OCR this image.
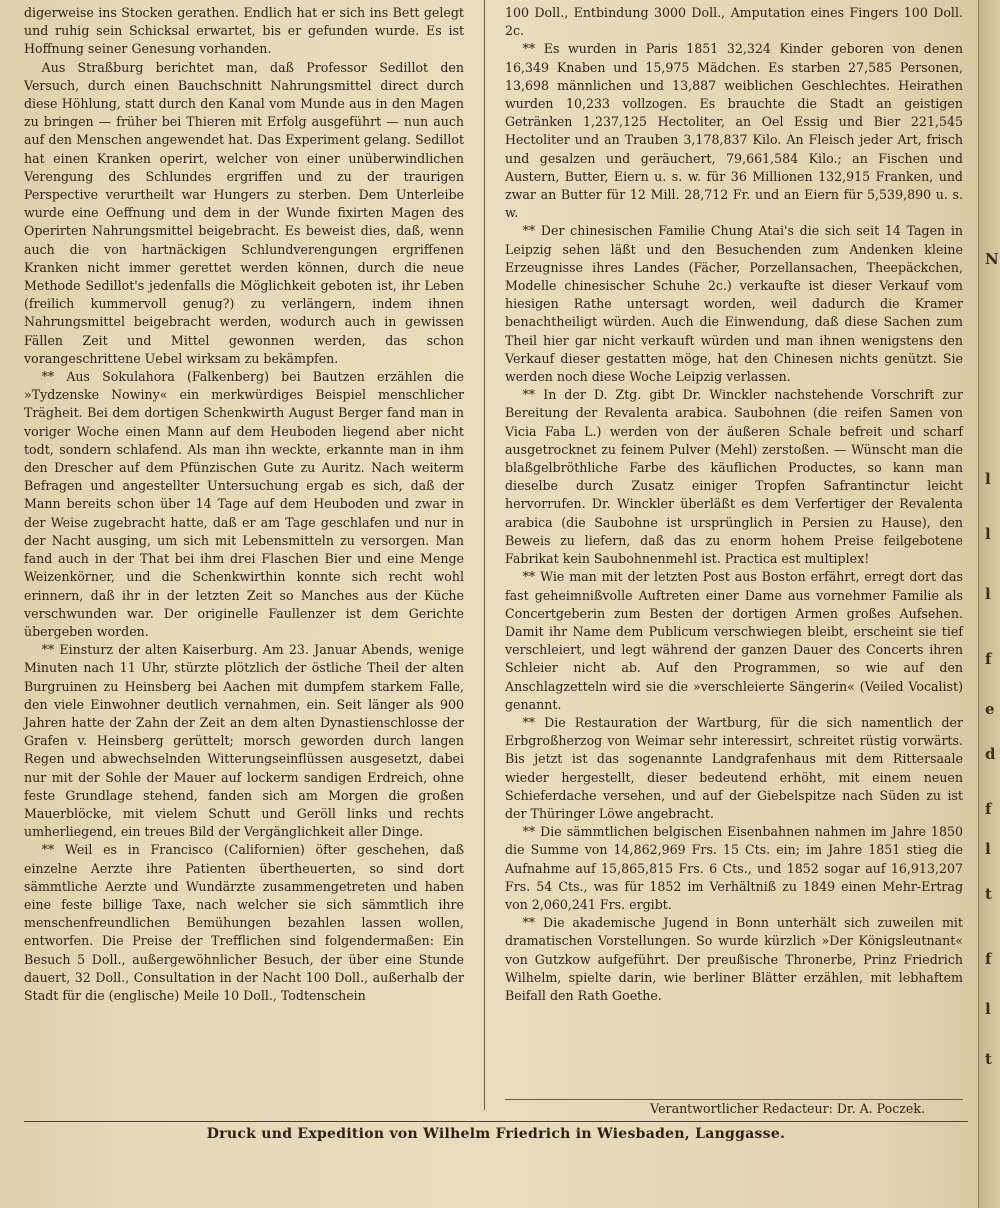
digerweise ins Stocken gerathen. Endlich hat er sich ins Bett gelegt und ruhig sein Schicksal erwartet, bis er gefunden wurde. Es ist Hoffnung seiner Genesung vorhanden.

Aus Straßburg berichtet man, daß Professor Sedillot den Versuch, durch einen Bauchschnitt Nahrungsmittel direct durch diese Höhlung, statt durch den Kanal vom Munde aus in den Magen zu bringen — früher bei Thieren mit Erfolg ausgeführt — nun auch auf den Menschen angewendet hat. Das Experiment gelang. Sedillot hat einen Kranken operirt, welcher von einer unüberwindlichen Verengung des Schlundes ergriffen und zu der traurigen Perspective verurtheilt war Hungers zu sterben. Dem Unterleibe wurde eine Oeffnung und dem in der Wunde fixirten Magen des Operirten Nahrungsmittel beigebracht. Es beweist dies, daß, wenn auch die von hartnäckigen Schlundverengungen ergriffenen Kranken nicht immer gerettet werden können, durch die neue Methode Sedillot's jedenfalls die Möglichkeit geboten ist, ihr Leben (freilich kummervoll genug?) zu verlängern, indem ihnen Nahrungsmittel beigebracht werden, wodurch auch in gewissen Fällen Zeit und Mittel gewonnen werden, das schon vorangeschrittene Uebel wirksam zu bekämpfen.

** Aus Sokulahora (Falkenberg) bei Bautzen erzählen die »Tydzenske Nowiny« ein merkwürdiges Beispiel menschlicher Trägheit. Bei dem dortigen Schenkwirth August Berger fand man in voriger Woche einen Mann auf dem Heuboden liegend aber nicht todt, sondern schlafend. Als man ihn weckte, erkannte man in ihm den Drescher auf dem Pfünzischen Gute zu Auritz. Nach weiterm Befragen und angestellter Untersuchung ergab es sich, daß der Mann bereits schon über 14 Tage auf dem Heuboden und zwar in der Weise zugebracht hatte, daß er am Tage geschlafen und nur in der Nacht ausging, um sich mit Lebensmitteln zu versorgen. Man fand auch in der That bei ihm drei Flaschen Bier und eine Menge Weizenkörner, und die Schenkwirthin konnte sich recht wohl erinnern, daß ihr in der letzten Zeit so Manches aus der Küche verschwunden war. Der originelle Faullenzer ist dem Gerichte übergeben worden.

** Einsturz der alten Kaiserburg. Am 23. Januar Abends, wenige Minuten nach 11 Uhr, stürzte plötzlich der östliche Theil der alten Burgruinen zu Heinsberg bei Aachen mit dumpfem starkem Falle, den viele Einwohner deutlich vernahmen, ein. Seit länger als 900 Jahren hatte der Zahn der Zeit an dem alten Dynastienschlosse der Grafen v. Heinsberg gerüttelt; morsch geworden durch langen Regen und abwechselnden Witterungseinflüssen ausgesetzt, dabei nur mit der Sohle der Mauer auf lockerm sandigen Erdreich, ohne feste Grundlage stehend, fanden sich am Morgen die großen Mauerblöcke, mit vielem Schutt und Geröll links und rechts umherliegend, ein treues Bild der Vergänglichkeit aller Dinge.

** Weil es in Francisco (Californien) öfter geschehen, daß einzelne Aerzte ihre Patienten übertheuerten, so sind dort sämmtliche Aerzte und Wundärzte zusammengetreten und haben eine feste billige Taxe, nach welcher sie sich sämmtlich ihre menschenfreundlichen Bemühungen bezahlen lassen wollen, entworfen. Die Preise der Trefflichen sind folgendermaßen: Ein Besuch 5 Doll., außergewöhnlicher Besuch, der über eine Stunde dauert, 32 Doll., Consultation in der Nacht 100 Doll., außerhalb der Stadt für die (englische) Meile 10 Doll., Todtenschein

100 Doll., Entbindung 3000 Doll., Amputation eines Fingers 100 Doll. 2c.

** Es wurden in Paris 1851 32,324 Kinder geboren von denen 16,349 Knaben und 15,975 Mädchen. Es starben 27,585 Personen, 13,698 männlichen und 13,887 weiblichen Geschlechtes. Heirathen wurden 10,233 vollzogen. Es brauchte die Stadt an geistigen Getränken 1,237,125 Hectoliter, an Oel Essig und Bier 221,545 Hectoliter und an Trauben 3,178,837 Kilo. An Fleisch jeder Art, frisch und gesalzen und geräuchert, 79,661,584 Kilo.; an Fischen und Austern, Butter, Eiern u. s. w. für 36 Millionen 132,915 Franken, und zwar an Butter für 12 Mill. 28,712 Fr. und an Eiern für 5,539,890 u. s. w.

** Der chinesischen Familie Chung Atai's die sich seit 14 Tagen in Leipzig sehen läßt und den Besuchenden zum Andenken kleine Erzeugnisse ihres Landes (Fächer, Porzellansachen, Theepäckchen, Modelle chinesischer Schuhe 2c.) verkaufte ist dieser Verkauf vom hiesigen Rathe untersagt worden, weil dadurch die Kramer benachtheiligt würden. Auch die Einwendung, daß diese Sachen zum Theil hier gar nicht verkauft würden und man ihnen wenigstens den Verkauf dieser gestatten möge, hat den Chinesen nichts genützt. Sie werden noch diese Woche Leipzig verlassen.

** In der D. Ztg. gibt Dr. Winckler nachstehende Vorschrift zur Bereitung der Revalenta arabica. Saubohnen (die reifen Samen von Vicia Faba L.) werden von der äußeren Schale befreit und scharf ausgetrocknet zu feinem Pulver (Mehl) zerstoßen. — Wünscht man die blaßgelbröthliche Farbe des käuflichen Productes, so kann man dieselbe durch Zusatz einiger Tropfen Safrantinctur leicht hervorrufen. Dr. Winckler überläßt es dem Verfertiger der Revalenta arabica (die Saubohne ist ursprünglich in Persien zu Hause), den Beweis zu liefern, daß das zu enorm hohem Preise feilgebotene Fabrikat kein Saubohnenmehl ist. Practica est multiplex!

** Wie man mit der letzten Post aus Boston erfährt, erregt dort das fast geheimnißvolle Auftreten einer Dame aus vornehmer Familie als Concertgeberin zum Besten der dortigen Armen großes Aufsehen. Damit ihr Name dem Publicum verschwiegen bleibt, erscheint sie tief verschleiert, und legt während der ganzen Dauer des Concerts ihren Schleier nicht ab. Auf den Programmen, so wie auf den Anschlagzetteln wird sie die »verschleierte Sängerin« (Veiled Vocalist) genannt.

** Die Restauration der Wartburg, für die sich namentlich der Erbgroßherzog von Weimar sehr interessirt, schreitet rüstig vorwärts. Bis jetzt ist das sogenannte Landgrafenhaus mit dem Rittersaale wieder hergestellt, dieser bedeutend erhöht, mit einem neuen Schieferdache versehen, und auf der Giebelspitze nach Süden zu ist der Thüringer Löwe angebracht.

** Die sämmtlichen belgischen Eisenbahnen nahmen im Jahre 1850 die Summe von 14,862,969 Frs. 15 Cts. ein; im Jahre 1851 stieg die Aufnahme auf 15,865,815 Frs. 6 Cts., und 1852 sogar auf 16,913,207 Frs. 54 Cts., was für 1852 im Verhältniß zu 1849 einen Mehr-Ertrag von 2,060,241 Frs. ergibt.

** Die akademische Jugend in Bonn unterhält sich zuweilen mit dramatischen Vorstellungen. So wurde kürzlich »Der Königsleutnant« von Gutzkow aufgeführt. Der preußische Thronerbe, Prinz Friedrich Wilhelm, spielte darin, wie berliner Blätter erzählen, mit lebhaftem Beifall den Rath Goethe.

Verantwortlicher Redacteur: Dr. A. Poczek.
Druck und Expedition von Wilhelm Friedrich in Wiesbaden, Langgasse.
N
l
l
l
f
e
d
f
l
t
f
l
t
